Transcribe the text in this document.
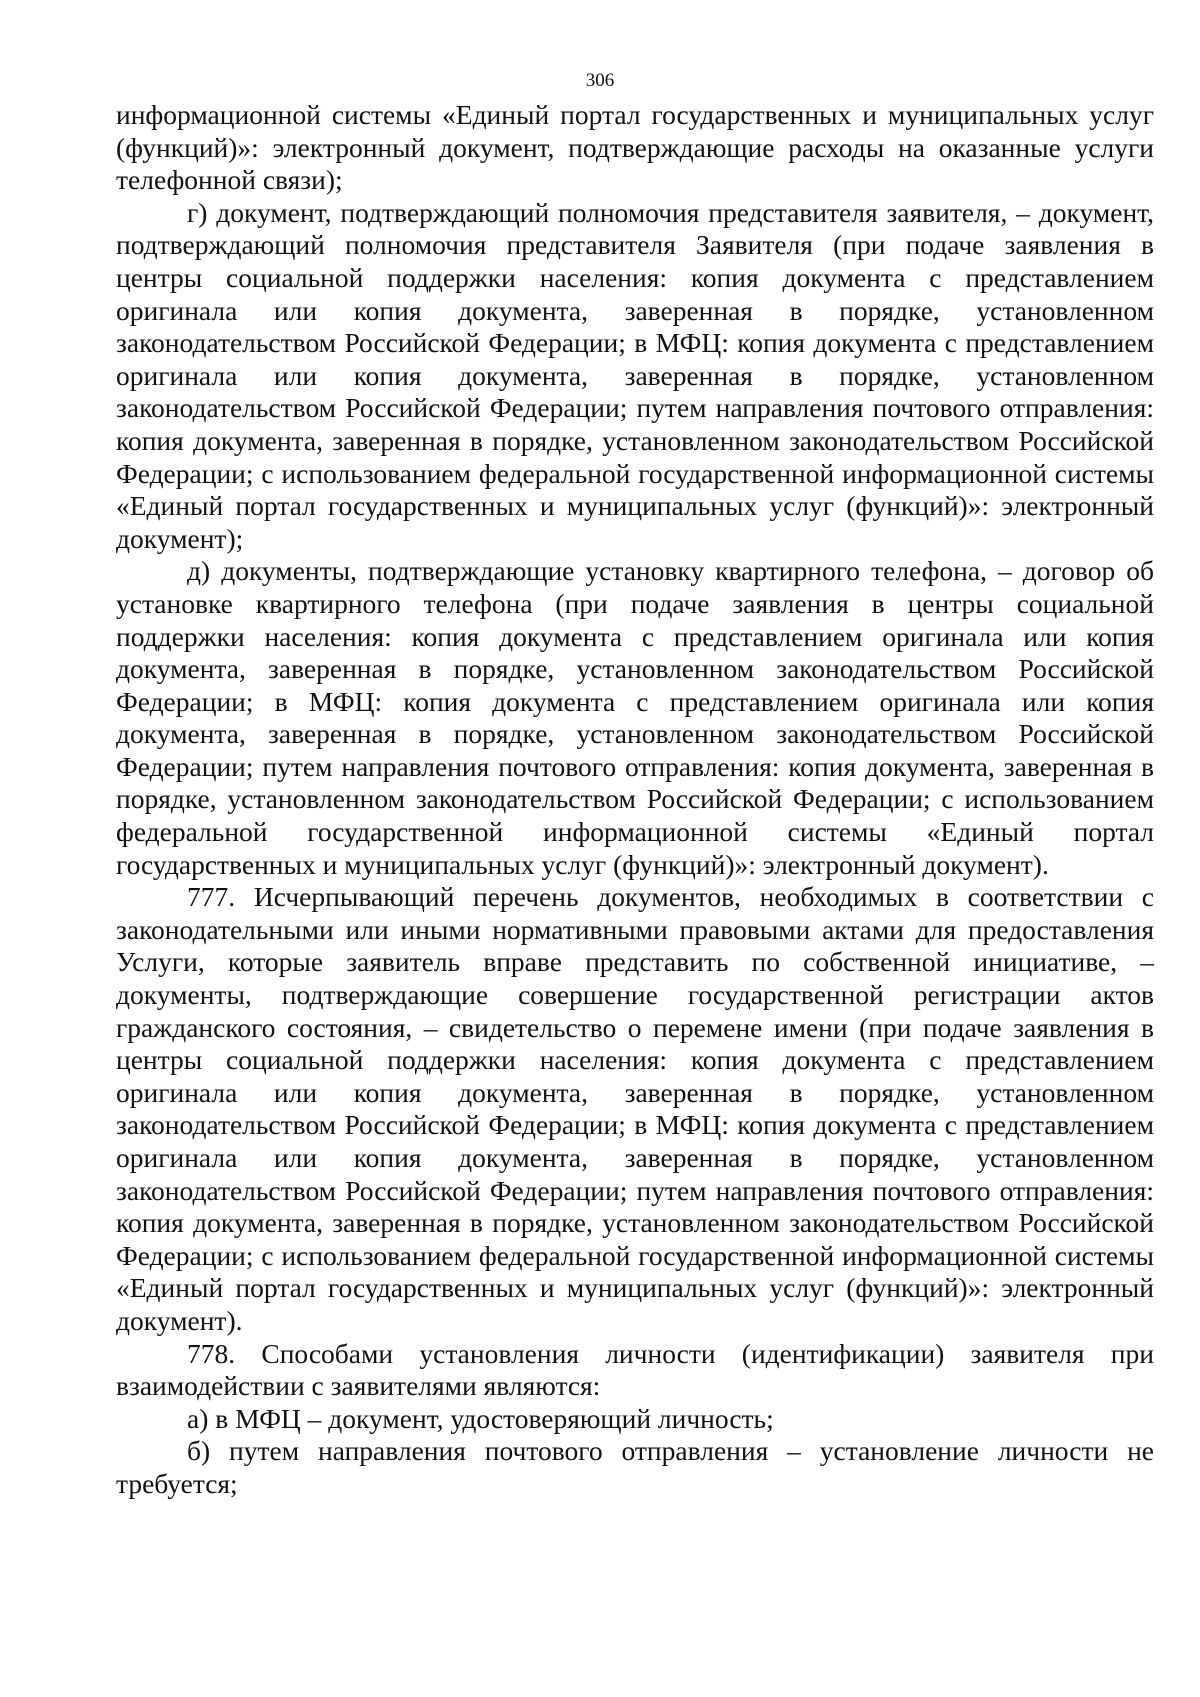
306

информационной системы «Единый портал государственных и муниципальных услуг (функций)»: электронный документ, подтверждающие расходы на оказанные услуги телефонной связи);

г) документ, подтверждающий полномочия представителя заявителя, – документ, подтверждающий полномочия представителя Заявителя (при подаче заявления в центры социальной поддержки населения: копия документа с представлением оригинала или копия документа, заверенная в порядке, установленном законодательством Российской Федерации; в МФЦ: копия документа с представлением оригинала или копия документа, заверенная в порядке, установленном законодательством Российской Федерации; путем направления почтового отправления: копия документа, заверенная в порядке, установленном законодательством Российской Федерации; с использованием федеральной государственной информационной системы «Единый портал государственных и муниципальных услуг (функций)»: электронный документ);

д) документы, подтверждающие установку квартирного телефона, – договор об установке квартирного телефона (при подаче заявления в центры социальной поддержки населения: копия документа с представлением оригинала или копия документа, заверенная в порядке, установленном законодательством Российской Федерации; в МФЦ: копия документа с представлением оригинала или копия документа, заверенная в порядке, установленном законодательством Российской Федерации; путем направления почтового отправления: копия документа, заверенная в порядке, установленном законодательством Российской Федерации; с использованием федеральной государственной информационной системы «Единый портал государственных и муниципальных услуг (функций)»: электронный документ).

777. Исчерпывающий перечень документов, необходимых в соответствии с законодательными или иными нормативными правовыми актами для предоставления Услуги, которые заявитель вправе представить по собственной инициативе, – документы, подтверждающие совершение государственной регистрации актов гражданского состояния, – свидетельство о перемене имени (при подаче заявления в центры социальной поддержки населения: копия документа с представлением оригинала или копия документа, заверенная в порядке, установленном законодательством Российской Федерации; в МФЦ: копия документа с представлением оригинала или копия документа, заверенная в порядке, установленном законодательством Российской Федерации; путем направления почтового отправления: копия документа, заверенная в порядке, установленном законодательством Российской Федерации; с использованием федеральной государственной информационной системы «Единый портал государственных и муниципальных услуг (функций)»: электронный документ).

778. Способами установления личности (идентификации) заявителя при взаимодействии с заявителями являются:

а) в МФЦ – документ, удостоверяющий личность;

б) путем направления почтового отправления – установление личности не требуется;
